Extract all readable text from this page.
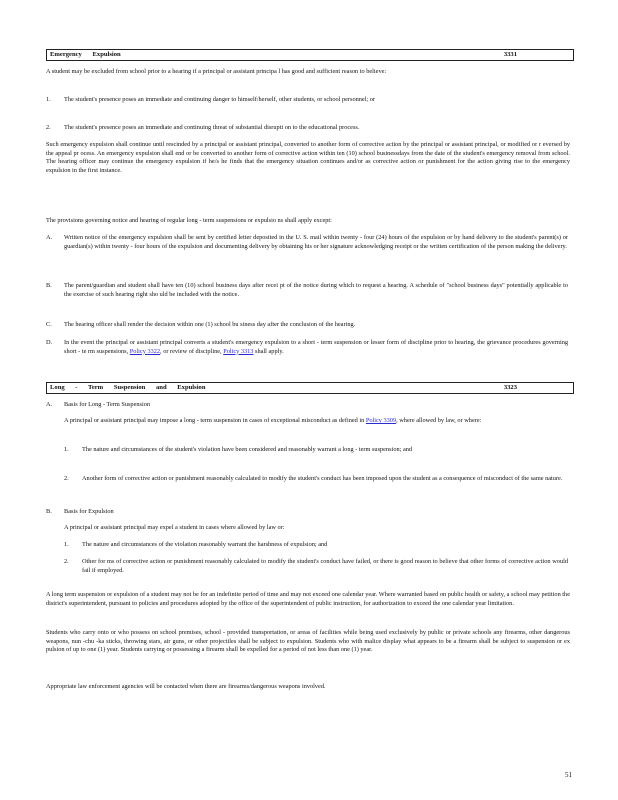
Emergency Expulsion	3331

A student may be excluded from school prior to a hearing if a principal or assistant principa l has good and sufficient reason to believe:

1. The student's presence poses an immediate and continuing danger to himself/herself, other students, or school personnel; or

2. The student's presence poses an immediate and continuing threat of substantial disrupti on to the educational process.

Such emergency expulsion shall continue until rescinded by a principal or assistant principal, converted to another form of corrective action by the principal or assistant principal, or modified or r eversed by the appeal pr ocess. An emergency expulsion shall end or be converted to another form of corrective action within ten (10) school businessdays from the date of the student's emergency removal from school. The hearing officer may continue the emergency expulsion if he/s he finds that the emergency situation continues and/or as corrective action or punishment for the action giving rise to the emergency expulsion in the first instance.

The provisions governing notice and hearing of regular long - term suspensions or expulsio ns shall apply except:

A. Written notice of the emergency expulsion shall be sent by certified letter deposited in the U. S. mail within twenty - four (24) hours of the expulsion or by hand delivery to the student's parent(s) or guardian(s) within twenty - four hours of the expulsion and documenting delivery by obtaining his or her signature acknowledging receipt or the written certification of the person making the delivery.

B. The parent/guardian and student shall have ten (10) school business days after recei pt of the notice during which to request a hearing. A schedule of "school business days" potentially applicable to the exercise of such hearing right sho uld be included with the notice.

C. The hearing officer shall render the decision within one (1) school bu siness day after the conclusion of the hearing.

D. In the event the principal or assistant principal converts a student's emergency expulsion to a short - term suspension or lesser form of discipline prior to hearing, the grievance procedures governing short - te rm suspensions, Policy 3322, or review of discipline, Policy 3313 shall apply.

Long - Term Suspension and Expulsion	3323
A. Basis for Long - Term Suspension

A principal or assistant principal may impose a long - term suspension in cases of exceptional misconduct as defined in Policy 3309, where allowed by law, or where:

1. The nature and circumstances of the student's violation have been considered and reasonably warrant a long - term suspension; and

2. Another form of corrective action or punishment reasonably calculated to modify the student's conduct has been imposed upon the student as a consequence of misconduct of the same nature.

B. Basis for Expulsion

A principal or assistant principal may expel a student in cases where allowed by law or:

1. The nature and circumstances of the violation reasonably warrant the harshness of expulsion; and

2. Other for ms of corrective action or punishment reasonably calculated to modify the student's conduct have failed, or there is good reason to believe that other forms of corrective action would fail if employed.

A long term suspension or expulsion of a student may not be for an indefinite period of time and may not exceed one calendar year. Where warranted based on public health or safety, a school may petition the district's superintendent, pursuant to policies and procedures adopted by the office of the superintendent of public instruction, for authorization to exceed the one calendar year limitation.

Students who carry onto or who possess on school premises, school - provided transportation, or areas of facilities while being used exclusively by public or private schools any firearms, other dangerous weapons, nun -chu -ka sticks, throwing stars, air guns, or other projectiles shall be subject to expulsion. Students who with malice display what appears to be a firearm shall be subject to suspension or ex pulsion of up to one (1) year. Students carrying or possessing a firearm shall be expelled for a period of not less than one (1) year.

Appropriate law enforcement agencies will be contacted when there are firearms/dangerous weapons involved.

51
